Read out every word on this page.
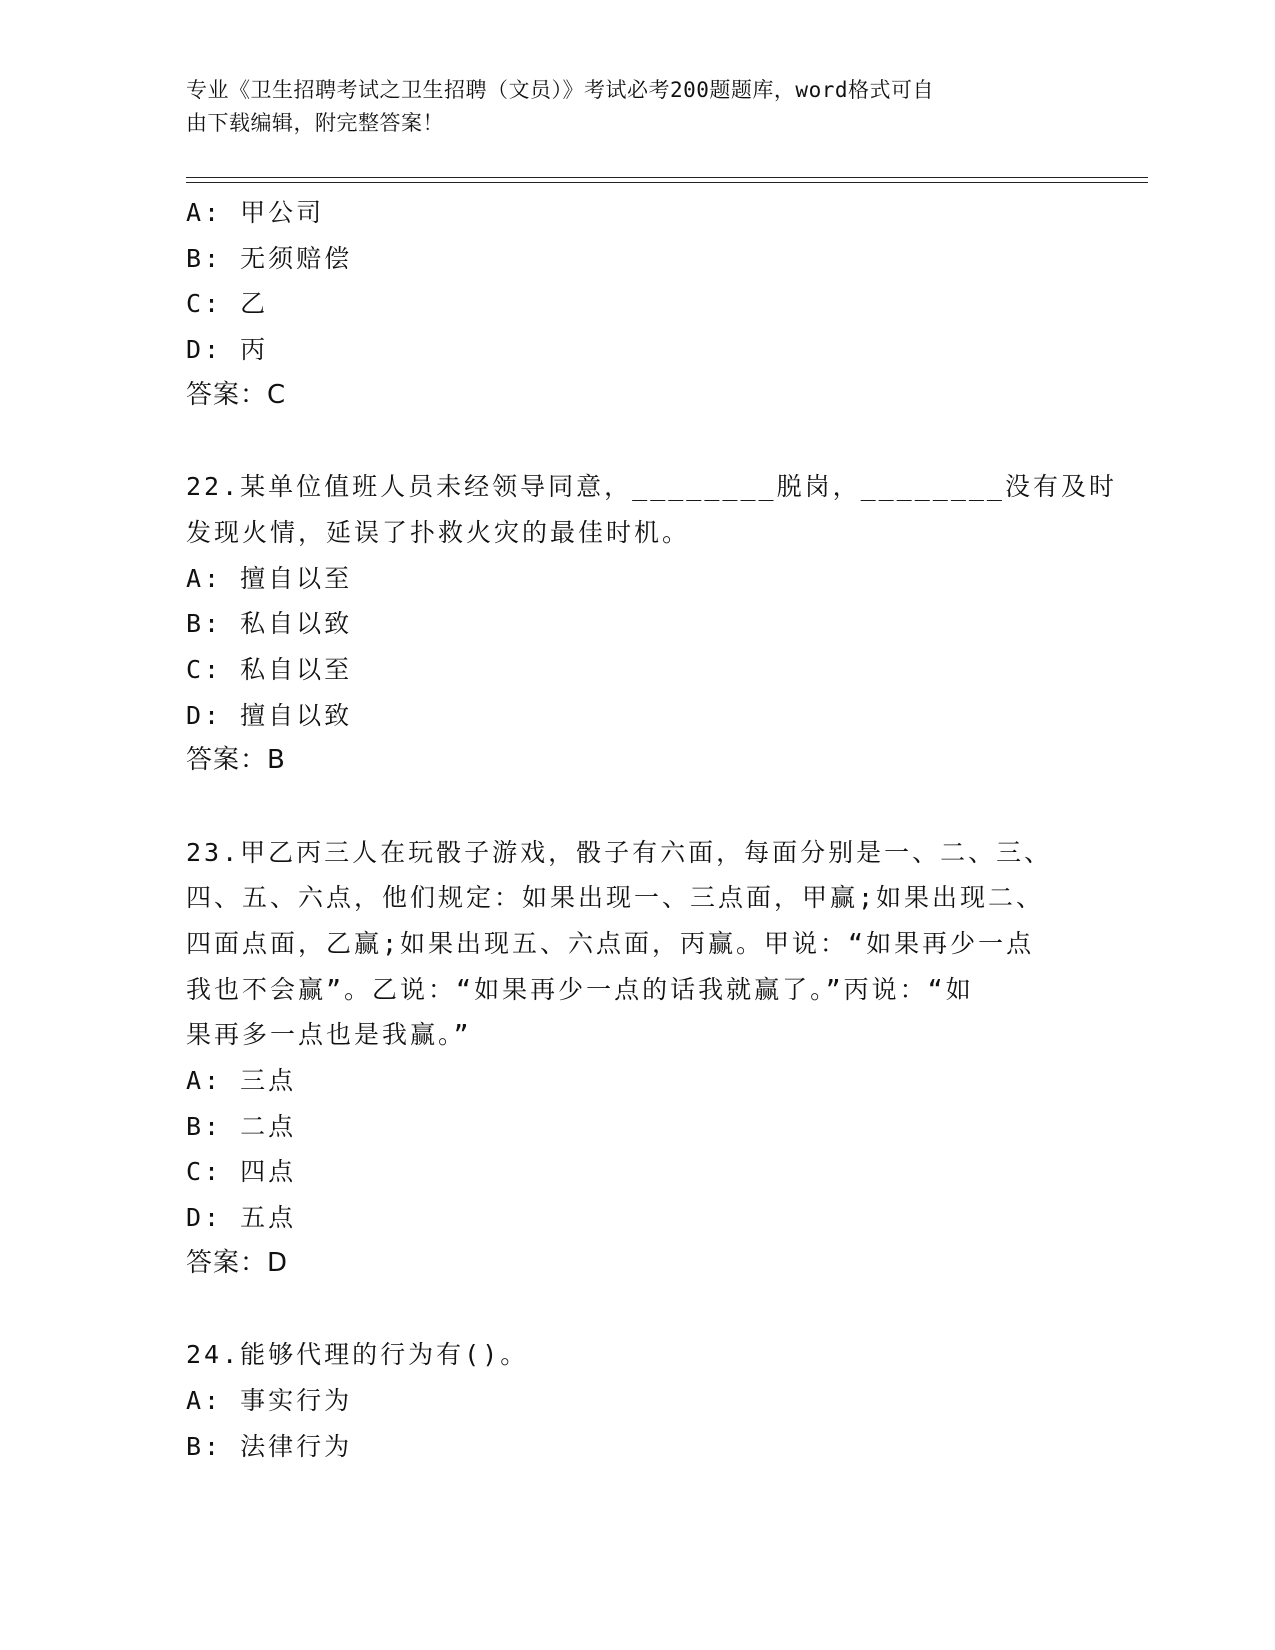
专业《卫生招聘考试之卫生招聘（文员）》考试必考200题题库，word格式可自
由下载编辑，附完整答案！
A: 甲公司
B: 无须赔偿
C: 乙
D: 丙
答案：C
22.某单位值班人员未经领导同意，________脱岗，________没有及时
发现火情，延误了扑救火灾的最佳时机。
A: 擅自以至
B: 私自以致
C: 私自以至
D: 擅自以致
答案：B
23.甲乙丙三人在玩骰子游戏，骰子有六面，每面分别是一、二、三、
四、五、六点，他们规定：如果出现一、三点面，甲赢;如果出现二、
四面点面，乙赢;如果出现五、六点面，丙赢。甲说：“如果再少一点
我也不会赢”。乙说：“如果再少一点的话我就赢了。”丙说：“如
果再多一点也是我赢。”
A: 三点
B: 二点
C: 四点
D: 五点
答案：D
24.能够代理的行为有()。
A: 事实行为
B: 法律行为
